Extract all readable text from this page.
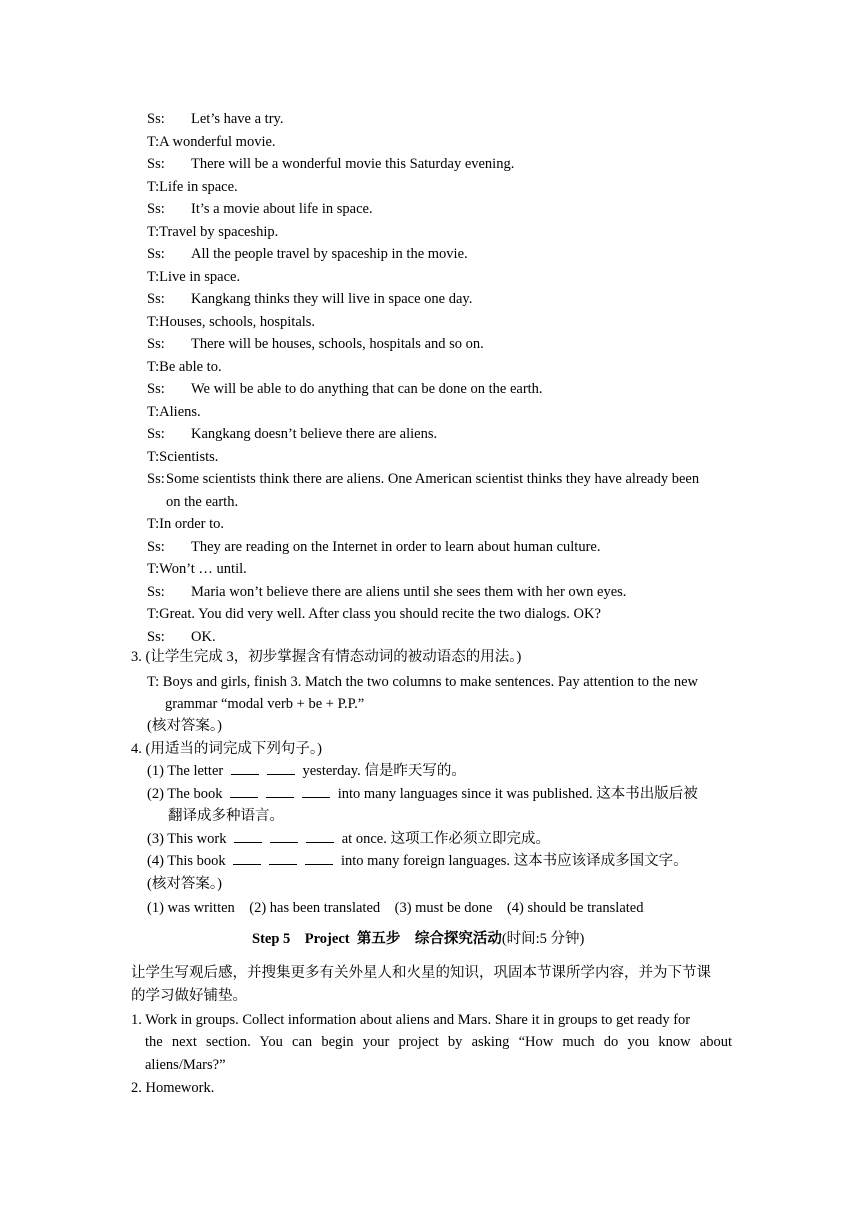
Ss: Let’s have a try.
T:A wonderful movie.
Ss: There will be a wonderful movie this Saturday evening.
T:Life in space.
Ss: It’s a movie about life in space.
T:Travel by spaceship.
Ss: All the people travel by spaceship in the movie.
T:Live in space.
Ss: Kangkang thinks they will live in space one day.
T:Houses, schools, hospitals.
Ss: There will be houses, schools, hospitals and so on.
T:Be able to.
Ss: We will be able to do anything that can be done on the earth.
T:Aliens.
Ss: Kangkang doesn’t believe there are aliens.
T:Scientists.
Ss:Some scientists think there are aliens. One American scientist thinks they have already been
on the earth.
T:In order to.
Ss: They are reading on the Internet in order to learn about human culture.
T:Won’t … until.
Ss: Maria won’t believe there are aliens until she sees them with her own eyes.
T:Great. You did very well. After class you should recite the two dialogs. OK?
Ss: OK.
3. (让学生完成 3，初步掌握含有情态动词的被动语态的用法。)
T: Boys and girls, finish 3. Match the two columns to make sentences. Pay attention to the new
grammar “modal verb + be + P.P.”
(核对答案。)
4. (用适当的词完成下列句子。)
(1) The letter	yesterday. 信是昨天写的。
(2) The book	into many languages since it was published. 这本书出版后被
翻译成多种语言。
(3) This work	at once. 这项工作必须立即完成。
(4) This book	into many foreign languages. 这本书应该译成多国文字。
(核对答案。)
(1) was written    (2) has been translated    (3) must be done    (4) should be translated
Step 5    Project  第五步    综合探究活动(时间:5 分钟)
让学生写观后感，并搜集更多有关外星人和火星的知识，巩固本节课所学内容，并为下节课
的学习做好铺垫。
1. Work in groups. Collect information about aliens and Mars. Share it in groups to get ready for
the next section. You can begin your project by asking “How much do you know about
aliens/Mars?”
2. Homework.
